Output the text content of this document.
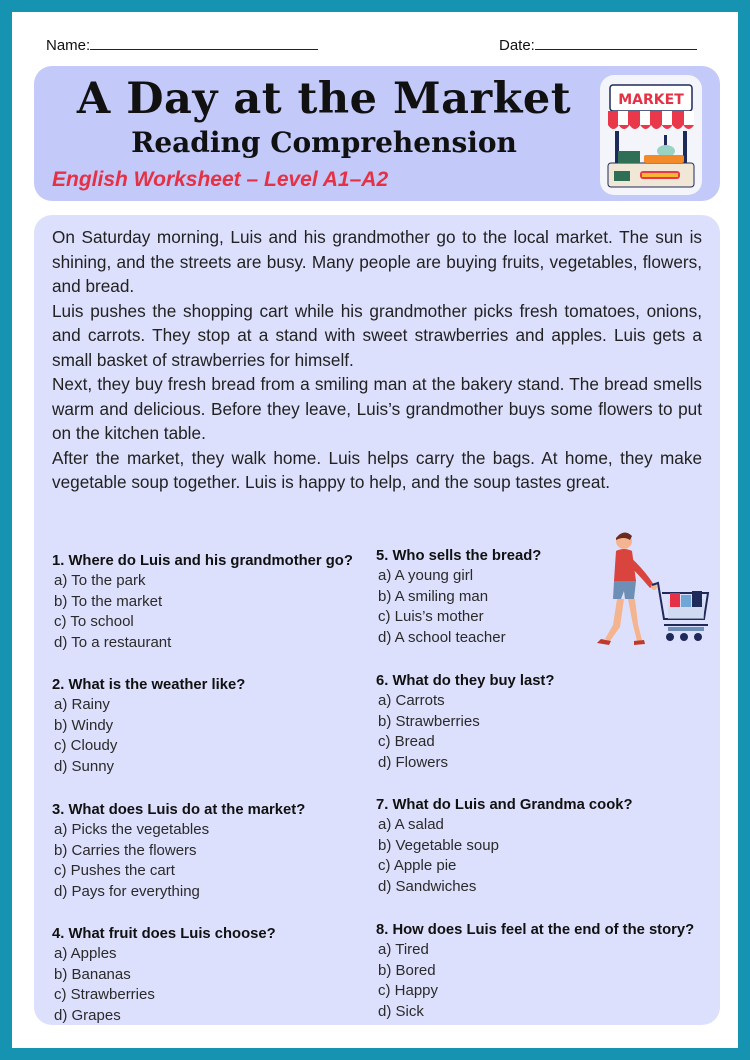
Name:	Date:
A Day at the Market
Reading Comprehension
English Worksheet – Level A1–A2
MARKET

On Saturday morning, Luis and his grandmother go to the local market. The sun is shining, and the streets are busy. Many people are buying fruits, vegetables, flowers, and bread.

Luis pushes the shopping cart while his grandmother picks fresh tomatoes, onions, and carrots. They stop at a stand with sweet strawberries and apples. Luis gets a small basket of strawberries for himself.

Next, they buy fresh bread from a smiling man at the bakery stand. The bread smells warm and delicious. Before they leave, Luis’s grandmother buys some flowers to put on the kitchen table.

After the market, they walk home. Luis helps carry the bags. At home, they make vegetable soup together. Luis is happy to help, and the soup tastes great.

1. Where do Luis and his grandmother go?
a) To the park
b) To the market
c) To school
d) To a restaurant
2. What is the weather like?
a) Rainy
b) Windy
c) Cloudy
d) Sunny
3. What does Luis do at the market?
a) Picks the vegetables
b) Carries the flowers
c) Pushes the cart
d) Pays for everything
4. What fruit does Luis choose?
a) Apples
b) Bananas
c) Strawberries
d) Grapes
5. Who sells the bread?
a) A young girl
b) A smiling man
c) Luis’s mother
d) A school teacher
6. What do they buy last?
a) Carrots
b) Strawberries
c) Bread
d) Flowers
7. What do Luis and Grandma cook?
a) A salad
b) Vegetable soup
c) Apple pie
d) Sandwiches
8. How does Luis feel at the end of the story?
a) Tired
b) Bored
c) Happy
d) Sick
